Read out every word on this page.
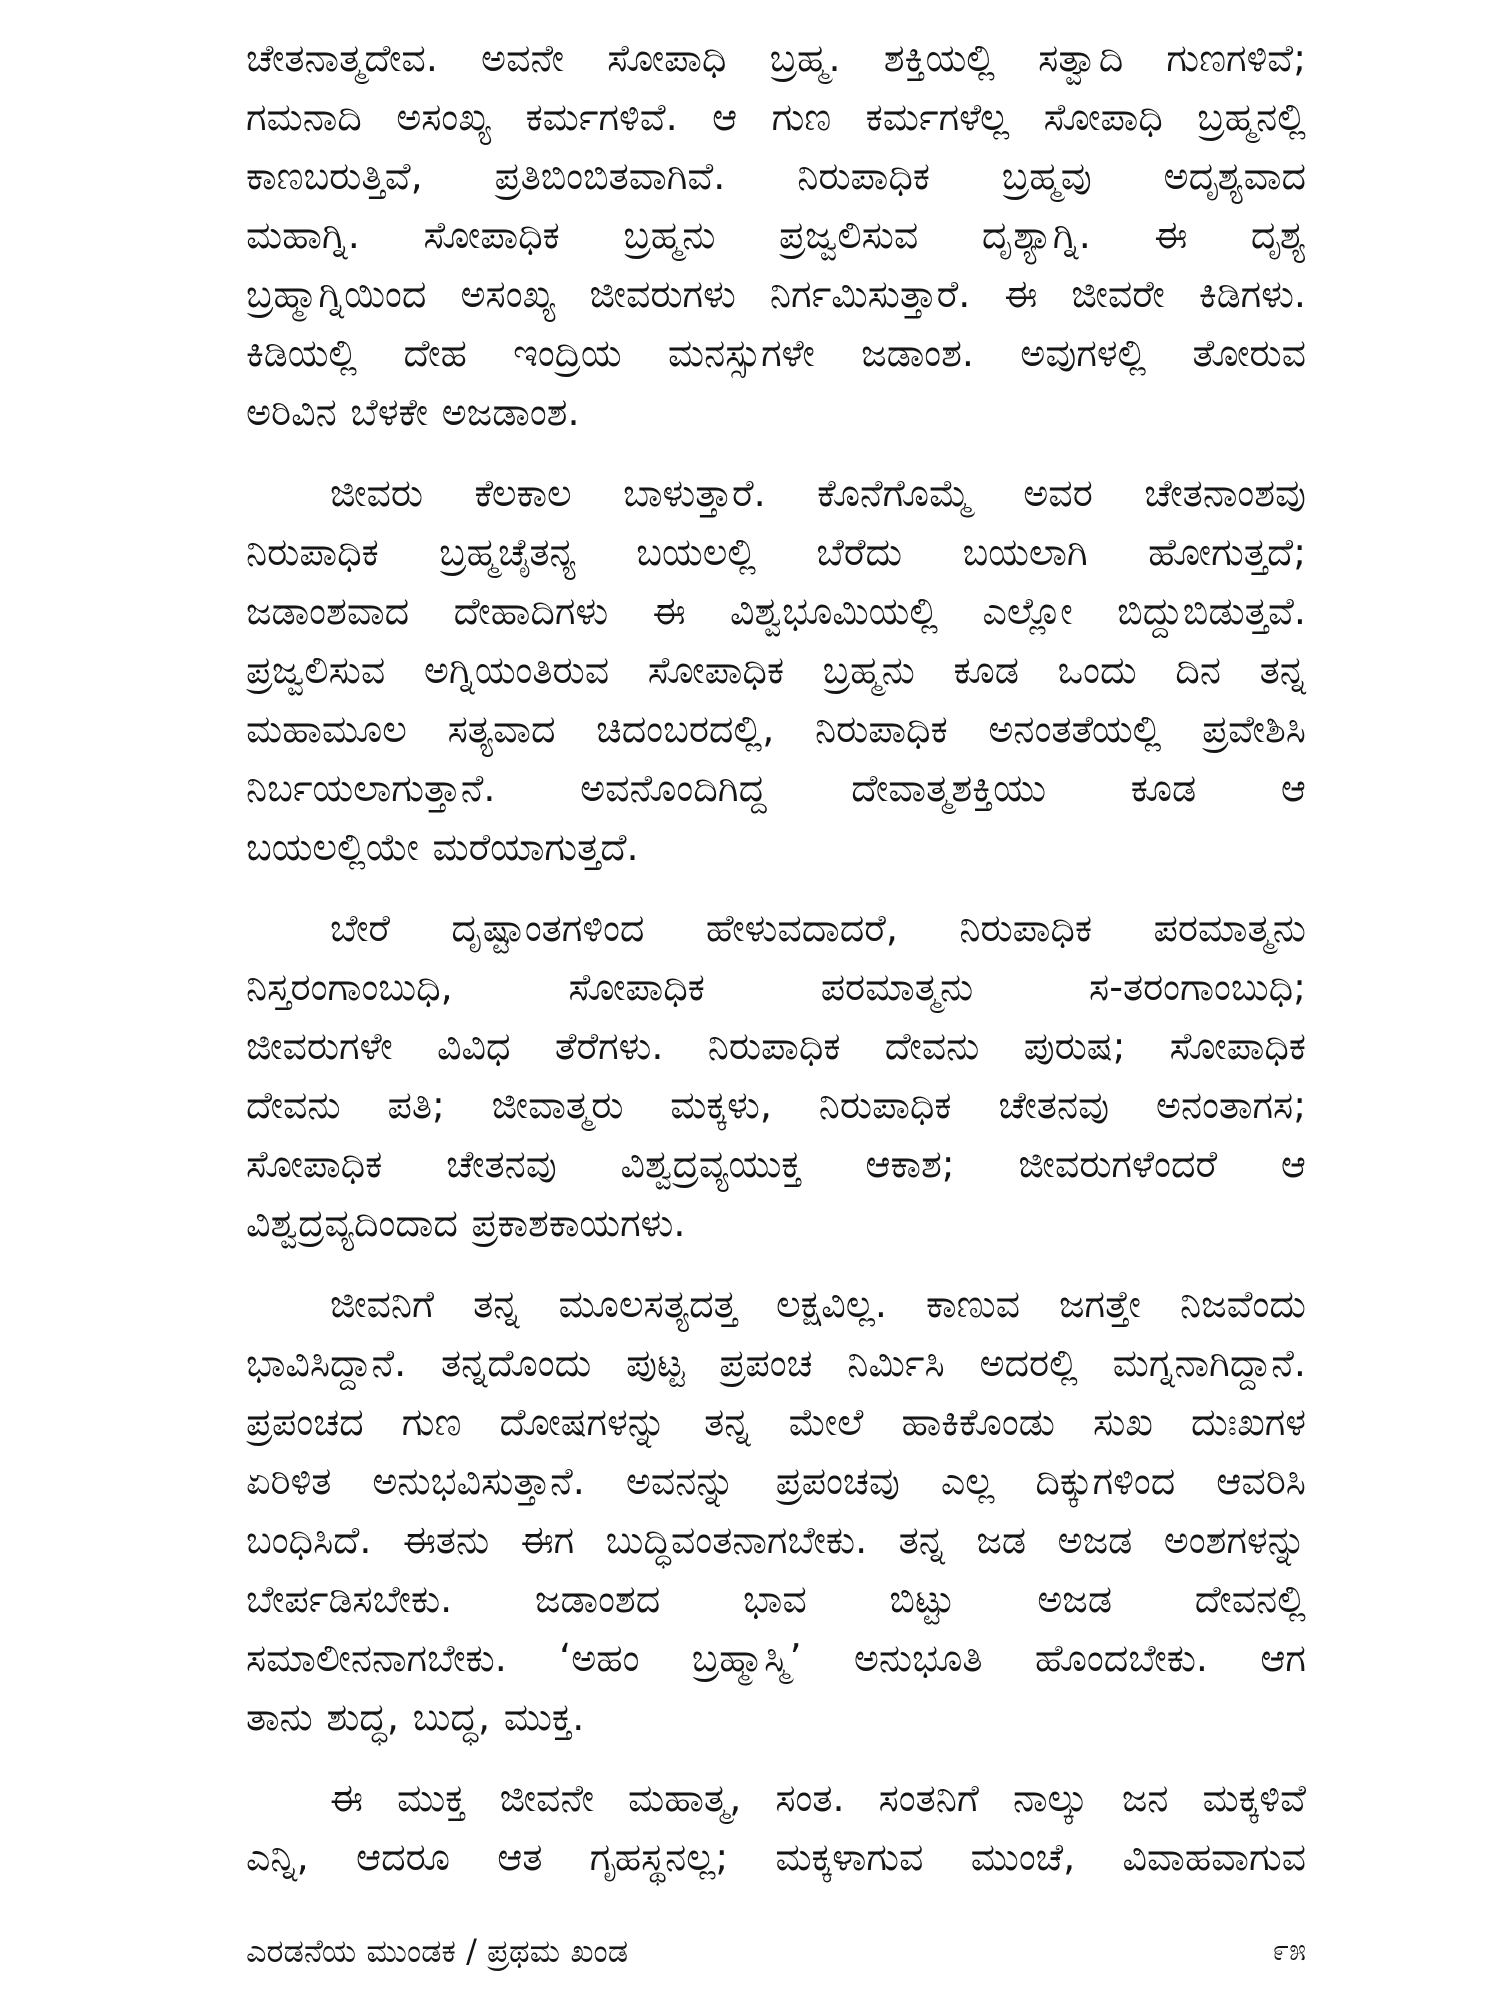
ಚೇತನಾತ್ಮದೇವ. ಅವನೇ ಸೋಪಾಧಿ ಬ್ರಹ್ಮ. ಶಕ್ತಿಯಲ್ಲಿ ಸತ್ವಾದಿ ಗುಣಗಳಿವೆ;
ಗಮನಾದಿ ಅಸಂಖ್ಯ ಕರ್ಮಗಳಿವೆ. ಆ ಗುಣ ಕರ್ಮಗಳೆಲ್ಲ ಸೋಪಾಧಿ ಬ್ರಹ್ಮನಲ್ಲಿ
ಕಾಣಬರುತ್ತಿವೆ, ಪ್ರತಿಬಿಂಬಿತವಾಗಿವೆ. ನಿರುಪಾಧಿಕ ಬ್ರಹ್ಮವು ಅದೃಶ್ಯವಾದ
ಮಹಾಗ್ನಿ. ಸೋಪಾಧಿಕ ಬ್ರಹ್ಮನು ಪ್ರಜ್ವಲಿಸುವ ದೃಶ್ಯಾಗ್ನಿ. ಈ ದೃಶ್ಯ
ಬ್ರಹ್ಮಾಗ್ನಿಯಿಂದ ಅಸಂಖ್ಯ ಜೀವರುಗಳು ನಿರ್ಗಮಿಸುತ್ತಾರೆ. ಈ ಜೀವರೇ ಕಿಡಿಗಳು.
ಕಿಡಿಯಲ್ಲಿ ದೇಹ ಇಂದ್ರಿಯ ಮನಸ್ಸುಗಳೇ ಜಡಾಂಶ. ಅವುಗಳಲ್ಲಿ ತೋರುವ
ಅರಿವಿನ ಬೆಳಕೇ ಅಜಡಾಂಶ.
ಜೀವರು ಕೆಲಕಾಲ ಬಾಳುತ್ತಾರೆ. ಕೊನೆಗೊಮ್ಮೆ ಅವರ ಚೇತನಾಂಶವು
ನಿರುಪಾಧಿಕ ಬ್ರಹ್ಮಚೈತನ್ಯ ಬಯಲಲ್ಲಿ ಬೆರೆದು ಬಯಲಾಗಿ ಹೋಗುತ್ತದೆ;
ಜಡಾಂಶವಾದ ದೇಹಾದಿಗಳು ಈ ವಿಶ್ವಭೂಮಿಯಲ್ಲಿ ಎಲ್ಲೋ ಬಿದ್ದುಬಿಡುತ್ತವೆ.
ಪ್ರಜ್ವಲಿಸುವ ಅಗ್ನಿಯಂತಿರುವ ಸೋಪಾಧಿಕ ಬ್ರಹ್ಮನು ಕೂಡ ಒಂದು ದಿನ ತನ್ನ
ಮಹಾಮೂಲ ಸತ್ಯವಾದ ಚಿದಂಬರದಲ್ಲಿ, ನಿರುಪಾಧಿಕ ಅನಂತತೆಯಲ್ಲಿ ಪ್ರವೇಶಿಸಿ
ನಿರ್ಬಯಲಾಗುತ್ತಾನೆ. ಅವನೊಂದಿಗಿದ್ದ ದೇವಾತ್ಮಶಕ್ತಿಯು ಕೂಡ ಆ
ಬಯಲಲ್ಲಿಯೇ ಮರೆಯಾಗುತ್ತದೆ.
ಬೇರೆ ದೃಷ್ಟಾಂತಗಳಿಂದ ಹೇಳುವದಾದರೆ, ನಿರುಪಾಧಿಕ ಪರಮಾತ್ಮನು
ನಿಸ್ತರಂಗಾಂಬುಧಿ, ಸೋಪಾಧಿಕ ಪರಮಾತ್ಮನು ಸ-ತರಂಗಾಂಬುಧಿ;
ಜೀವರುಗಳೇ ವಿವಿಧ ತೆರೆಗಳು. ನಿರುಪಾಧಿಕ ದೇವನು ಪುರುಷ; ಸೋಪಾಧಿಕ
ದೇವನು ಪತಿ; ಜೀವಾತ್ಮರು ಮಕ್ಕಳು, ನಿರುಪಾಧಿಕ ಚೇತನವು ಅನಂತಾಗಸ;
ಸೋಪಾಧಿಕ ಚೇತನವು ವಿಶ್ವದ್ರವ್ಯಯುಕ್ತ ಆಕಾಶ; ಜೀವರುಗಳೆಂದರೆ ಆ
ವಿಶ್ವದ್ರವ್ಯದಿಂದಾದ ಪ್ರಕಾಶಕಾಯಗಳು.
ಜೀವನಿಗೆ ತನ್ನ ಮೂಲಸತ್ಯದತ್ತ ಲಕ್ಷವಿಲ್ಲ. ಕಾಣುವ ಜಗತ್ತೇ ನಿಜವೆಂದು
ಭಾವಿಸಿದ್ದಾನೆ. ತನ್ನದೊಂದು ಪುಟ್ಟ ಪ್ರಪಂಚ ನಿರ್ಮಿಸಿ ಅದರಲ್ಲಿ ಮಗ್ನನಾಗಿದ್ದಾನೆ.
ಪ್ರಪಂಚದ ಗುಣ ದೋಷಗಳನ್ನು ತನ್ನ ಮೇಲೆ ಹಾಕಿಕೊಂಡು ಸುಖ ದುಃಖಗಳ
ಏರಿಳಿತ ಅನುಭವಿಸುತ್ತಾನೆ. ಅವನನ್ನು ಪ್ರಪಂಚವು ಎಲ್ಲ ದಿಕ್ಕುಗಳಿಂದ ಆವರಿಸಿ
ಬಂಧಿಸಿದೆ. ಈತನು ಈಗ ಬುದ್ಧಿವಂತನಾಗಬೇಕು. ತನ್ನ ಜಡ ಅಜಡ ಅಂಶಗಳನ್ನು
ಬೇರ್ಪಡಿಸಬೇಕು. ಜಡಾಂಶದ ಭಾವ ಬಿಟ್ಟು ಅಜಡ ದೇವನಲ್ಲಿ
ಸಮಾಲೀನನಾಗಬೇಕು. ‘ಅಹಂ ಬ್ರಹ್ಮಾಸ್ಮಿ’ ಅನುಭೂತಿ ಹೊಂದಬೇಕು. ಆಗ
ತಾನು ಶುದ್ಧ, ಬುದ್ಧ, ಮುಕ್ತ.
ಈ ಮುಕ್ತ ಜೀವನೇ ಮಹಾತ್ಮ, ಸಂತ. ಸಂತನಿಗೆ ನಾಲ್ಕು ಜನ ಮಕ್ಕಳಿವೆ
ಎನ್ನಿ, ಆದರೂ ಆತ ಗೃಹಸ್ಥನಲ್ಲ; ಮಕ್ಕಳಾಗುವ ಮುಂಚೆ, ವಿವಾಹವಾಗುವ
ಎರಡನೆಯ ಮುಂಡಕ / ಪ್ರಥಮ ಖಂಡ	೯೫
